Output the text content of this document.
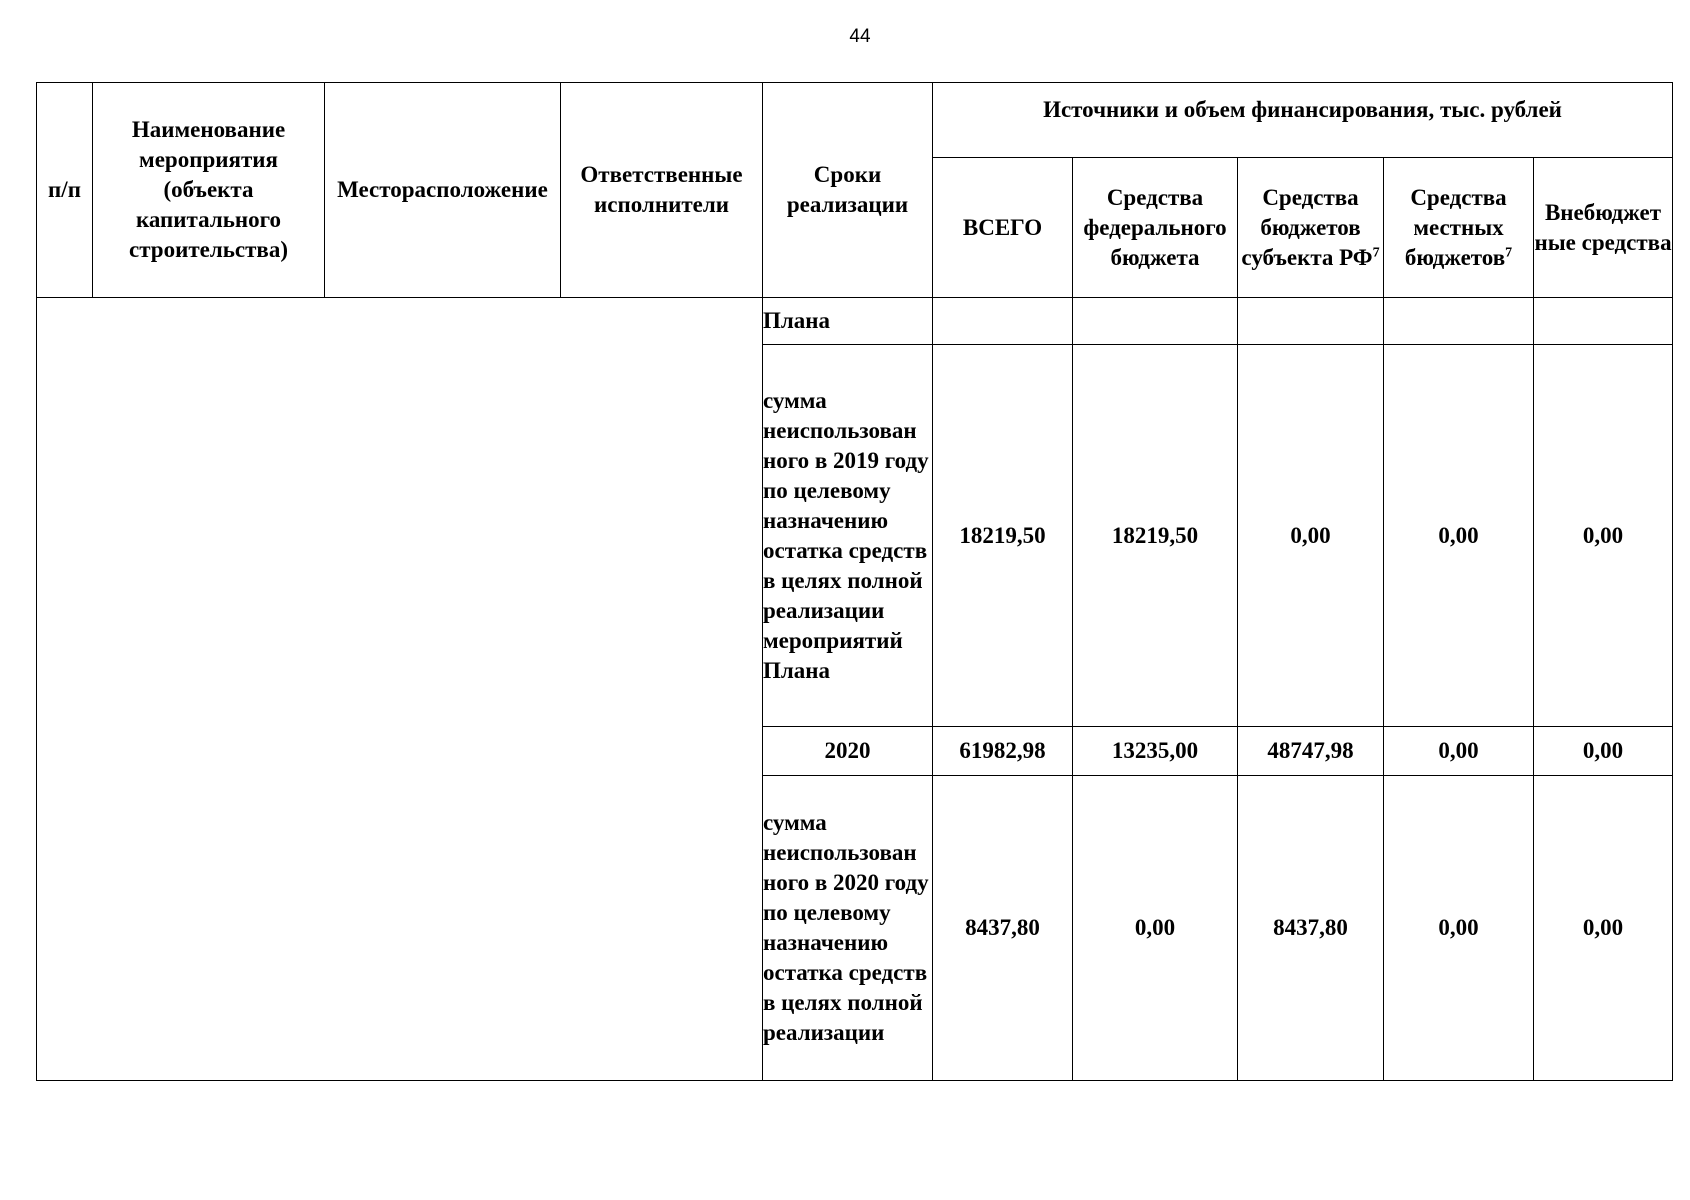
44
п/п	Наименование мероприятия (объекта капитального строительства)	Месторасположение	Ответственные исполнители	Сроки реализации	Источники и объем финансирования, тыс. рублей				
					ВСЕГО	Средства федерального бюджета	Средства бюджетов субъекта $РФ^7$	Средства местных бюджетов$^7$	Внебюджет ные средства
				Плана					
				сумма неиспользован ного в 2019 году по целевому назначению остатка средств в целях полной реализации мероприятий Плана	18219,50	18219,50	0,00	0,00	0,00
				2020	61982,98	13235,00	48747,98	0,00	0,00
				сумма неиспользован ного в 2020 году по целевому назначению остатка средств в целях полной реализации	8437,80	0,00	8437,80	0,00	0,00
